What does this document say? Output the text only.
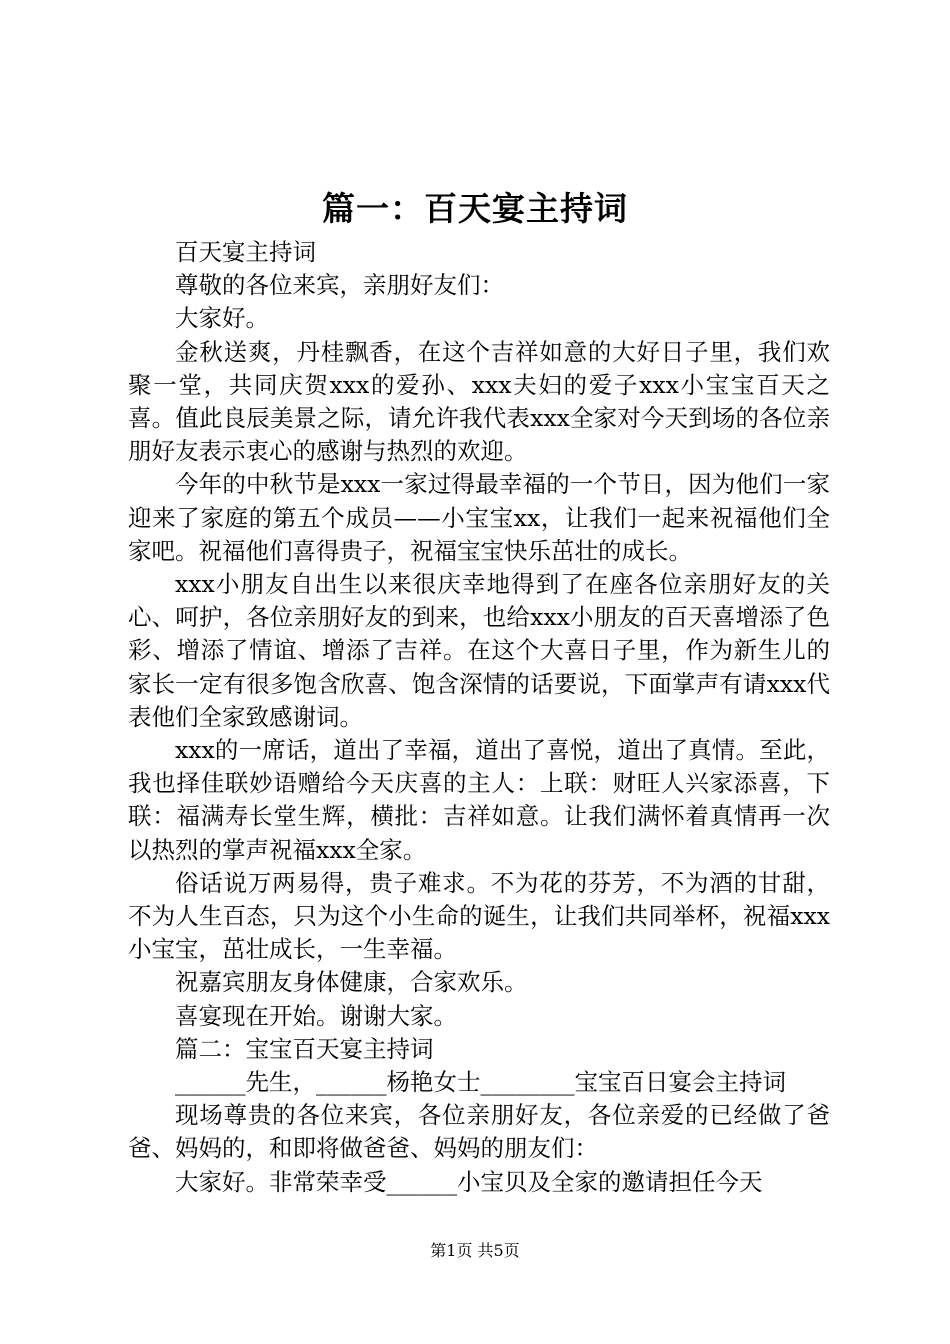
篇一：百天宴主持词

百天宴主持词

尊敬的各位来宾，亲朋好友们：

大家好。

金秋送爽，丹桂飘香，在这个吉祥如意的大好日子里，我们欢聚一堂，共同庆贺xxx的爱孙、xxx夫妇的爱子xxx小宝宝百天之喜。值此良辰美景之际，请允许我代表xxx全家对今天到场的各位亲朋好友表示衷心的感谢与热烈的欢迎。

今年的中秋节是xxx一家过得最幸福的一个节日，因为他们一家迎来了家庭的第五个成员——小宝宝xx，让我们一起来祝福他们全家吧。祝福他们喜得贵子，祝福宝宝快乐茁壮的成长。

xxx小朋友自出生以来很庆幸地得到了在座各位亲朋好友的关心、呵护，各位亲朋好友的到来，也给xxx小朋友的百天喜增添了色彩、增添了情谊、增添了吉祥。在这个大喜日子里，作为新生儿的家长一定有很多饱含欣喜、饱含深情的话要说，下面掌声有请xxx代表他们全家致感谢词。

xxx的一席话，道出了幸福，道出了喜悦，道出了真情。至此，我也择佳联妙语赠给今天庆喜的主人：上联：财旺人兴家添喜，下联：福满寿长堂生辉，横批：吉祥如意。让我们满怀着真情再一次以热烈的掌声祝福xxx全家。

俗话说万两易得，贵子难求。不为花的芬芳，不为酒的甘甜，不为人生百态，只为这个小生命的诞生，让我们共同举杯，祝福xxx小宝宝，茁壮成长，一生幸福。

祝嘉宾朋友身体健康，合家欢乐。

喜宴现在开始。谢谢大家。

篇二：宝宝百天宴主持词

______先生，______杨艳女士________宝宝百日宴会主持词

现场尊贵的各位来宾，各位亲朋好友，各位亲爱的已经做了爸爸、妈妈的，和即将做爸爸、妈妈的朋友们：

大家好。非常荣幸受______小宝贝及全家的邀请担任今天

第1页 共5页
